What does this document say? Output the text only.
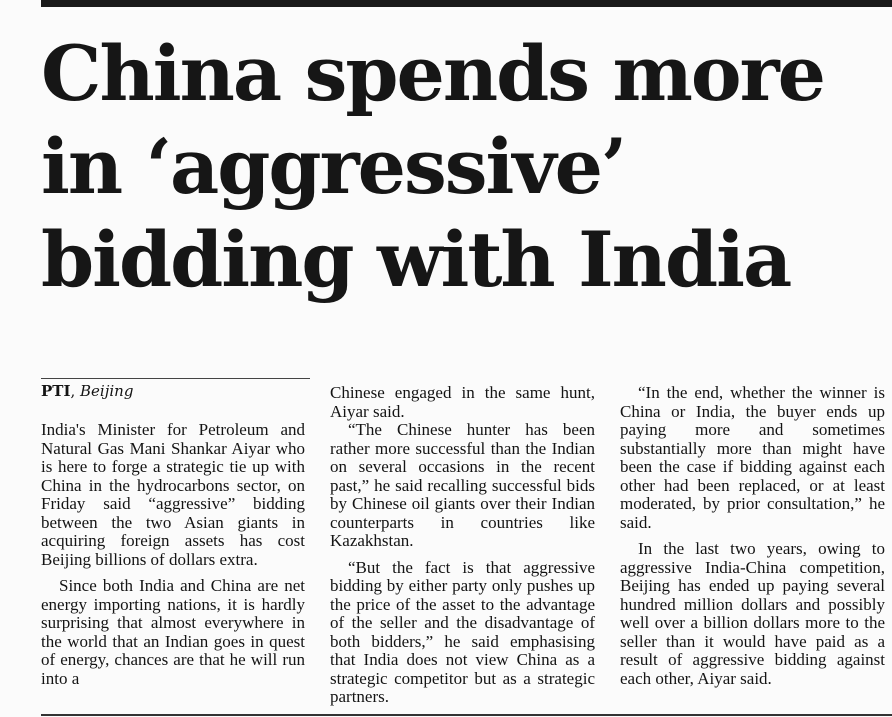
China spends more
in ‘aggressive’
bidding with India
PTI, Beijing

India's Minister for Petroleum and Natural Gas Mani Shankar Aiyar who is here to forge a strategic tie up with China in the hydrocarbons sector, on Friday said “aggressive” bidding between the two Asian giants in acquiring foreign assets has cost Beijing billions of dollars extra.

Since both India and China are net energy importing nations, it is hardly surprising that almost everywhere in the world that an Indian goes in quest of energy, chances are that he will run into a

Chinese engaged in the same hunt, Aiyar said.

“The Chinese hunter has been rather more successful than the Indian on several occasions in the recent past,” he said recalling successful bids by Chinese oil giants over their Indian counterparts in countries like Kazakhstan.

“But the fact is that aggressive bidding by either party only pushes up the price of the asset to the advantage of the seller and the disadvantage of both bidders,” he said emphasising that India does not view China as a strategic competitor but as a strategic partners.

“In the end, whether the winner is China or India, the buyer ends up paying more and sometimes substantially more than might have been the case if bidding against each other had been replaced, or at least moderated, by prior consultation,” he said.

In the last two years, owing to aggressive India-China competition, Beijing has ended up paying several hundred million dollars and possibly well over a billion dollars more to the seller than it would have paid as a result of aggressive bidding against each other, Aiyar said.
